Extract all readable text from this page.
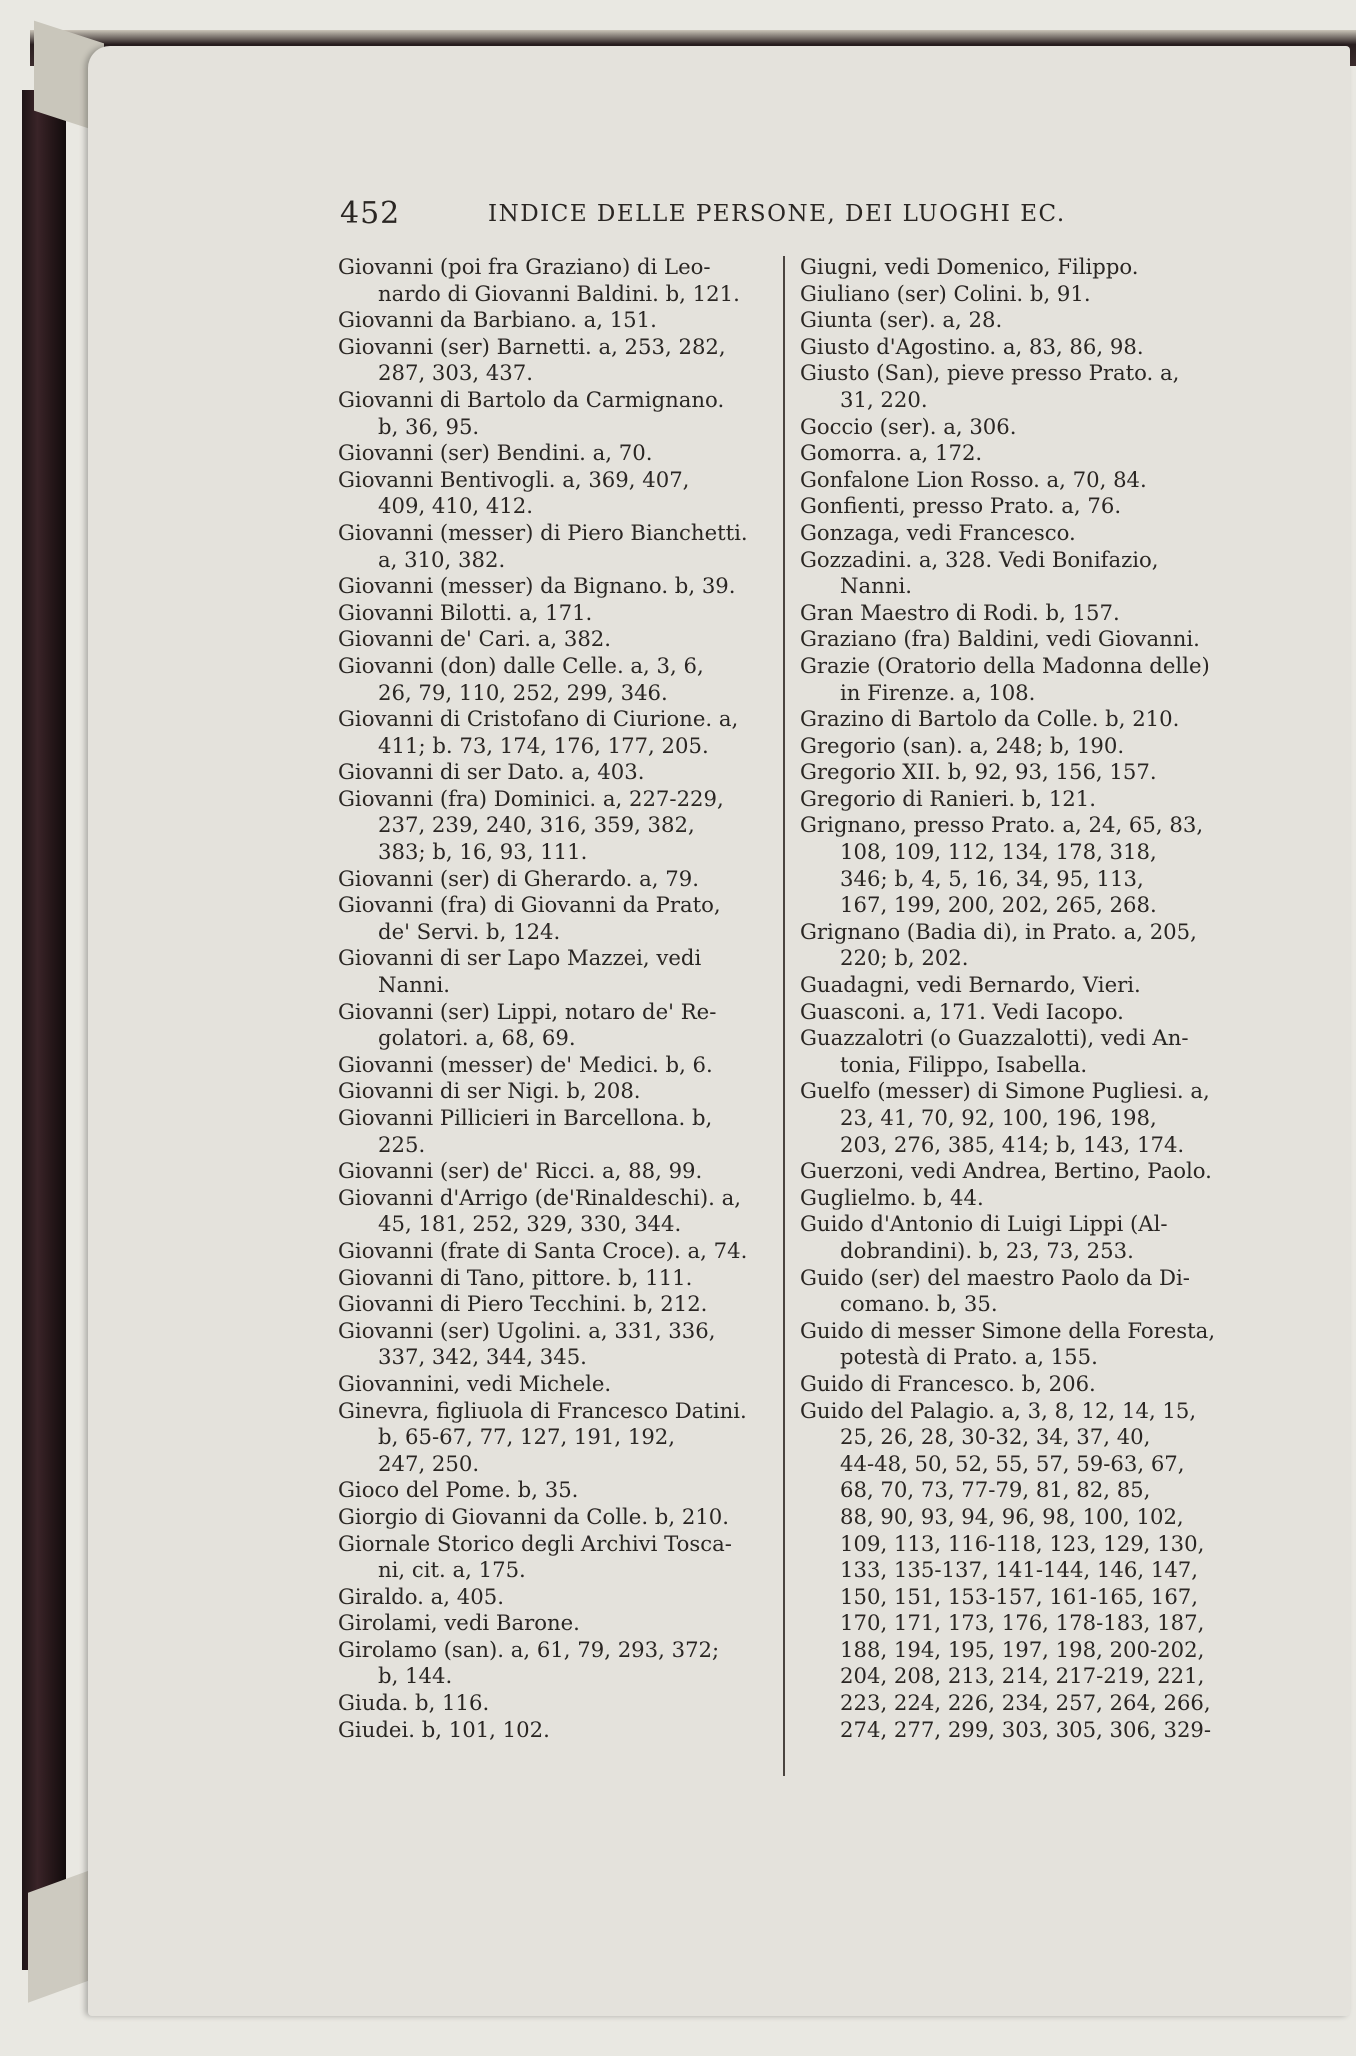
452	INDICE DELLE PERSONE, DEI LUOGHI EC.
Giovanni (poi fra Graziano) di Leo-
nardo di Giovanni Baldini. b, 121.
Giovanni da Barbiano. a, 151.
Giovanni (ser) Barnetti. a, 253, 282,
287, 303, 437.
Giovanni di Bartolo da Carmignano.
b, 36, 95.
Giovanni (ser) Bendini. a, 70.
Giovanni Bentivogli. a, 369, 407,
409, 410, 412.
Giovanni (messer) di Piero Bianchetti.
a, 310, 382.
Giovanni (messer) da Bignano. b, 39.
Giovanni Bilotti. a, 171.
Giovanni de' Cari. a, 382.
Giovanni (don) dalle Celle. a, 3, 6,
26, 79, 110, 252, 299, 346.
Giovanni di Cristofano di Ciurione. a,
411; b. 73, 174, 176, 177, 205.
Giovanni di ser Dato. a, 403.
Giovanni (fra) Dominici. a, 227-229,
237, 239, 240, 316, 359, 382,
383; b, 16, 93, 111.
Giovanni (ser) di Gherardo. a, 79.
Giovanni (fra) di Giovanni da Prato,
de' Servi. b, 124.
Giovanni di ser Lapo Mazzei, vedi
Nanni.
Giovanni (ser) Lippi, notaro de' Re-
golatori. a, 68, 69.
Giovanni (messer) de' Medici. b, 6.
Giovanni di ser Nigi. b, 208.
Giovanni Pillicieri in Barcellona. b,
225.
Giovanni (ser) de' Ricci. a, 88, 99.
Giovanni d'Arrigo (de'Rinaldeschi). a,
45, 181, 252, 329, 330, 344.
Giovanni (frate di Santa Croce). a, 74.
Giovanni di Tano, pittore. b, 111.
Giovanni di Piero Tecchini. b, 212.
Giovanni (ser) Ugolini. a, 331, 336,
337, 342, 344, 345.
Giovannini, vedi Michele.
Ginevra, figliuola di Francesco Datini.
b, 65-67, 77, 127, 191, 192,
247, 250.
Gioco del Pome. b, 35.
Giorgio di Giovanni da Colle. b, 210.
Giornale Storico degli Archivi Tosca-
ni, cit. a, 175.
Giraldo. a, 405.
Girolami, vedi Barone.
Girolamo (san). a, 61, 79, 293, 372;
b, 144.
Giuda. b, 116.
Giudei. b, 101, 102.
Giugni, vedi Domenico, Filippo.
Giuliano (ser) Colini. b, 91.
Giunta (ser). a, 28.
Giusto d'Agostino. a, 83, 86, 98.
Giusto (San), pieve presso Prato. a,
31, 220.
Goccio (ser). a, 306.
Gomorra. a, 172.
Gonfalone Lion Rosso. a, 70, 84.
Gonfienti, presso Prato. a, 76.
Gonzaga, vedi Francesco.
Gozzadini. a, 328. Vedi Bonifazio,
Nanni.
Gran Maestro di Rodi. b, 157.
Graziano (fra) Baldini, vedi Giovanni.
Grazie (Oratorio della Madonna delle)
in Firenze. a, 108.
Grazino di Bartolo da Colle. b, 210.
Gregorio (san). a, 248; b, 190.
Gregorio XII. b, 92, 93, 156, 157.
Gregorio di Ranieri. b, 121.
Grignano, presso Prato. a, 24, 65, 83,
108, 109, 112, 134, 178, 318,
346; b, 4, 5, 16, 34, 95, 113,
167, 199, 200, 202, 265, 268.
Grignano (Badia di), in Prato. a, 205,
220; b, 202.
Guadagni, vedi Bernardo, Vieri.
Guasconi. a, 171. Vedi Iacopo.
Guazzalotri (o Guazzalotti), vedi An-
tonia, Filippo, Isabella.
Guelfo (messer) di Simone Pugliesi. a,
23, 41, 70, 92, 100, 196, 198,
203, 276, 385, 414; b, 143, 174.
Guerzoni, vedi Andrea, Bertino, Paolo.
Guglielmo. b, 44.
Guido d'Antonio di Luigi Lippi (Al-
dobrandini). b, 23, 73, 253.
Guido (ser) del maestro Paolo da Di-
comano. b, 35.
Guido di messer Simone della Foresta,
potestà di Prato. a, 155.
Guido di Francesco. b, 206.
Guido del Palagio. a, 3, 8, 12, 14, 15,
25, 26, 28, 30-32, 34, 37, 40,
44-48, 50, 52, 55, 57, 59-63, 67,
68, 70, 73, 77-79, 81, 82, 85,
88, 90, 93, 94, 96, 98, 100, 102,
109, 113, 116-118, 123, 129, 130,
133, 135-137, 141-144, 146, 147,
150, 151, 153-157, 161-165, 167,
170, 171, 173, 176, 178-183, 187,
188, 194, 195, 197, 198, 200-202,
204, 208, 213, 214, 217-219, 221,
223, 224, 226, 234, 257, 264, 266,
274, 277, 299, 303, 305, 306, 329-
